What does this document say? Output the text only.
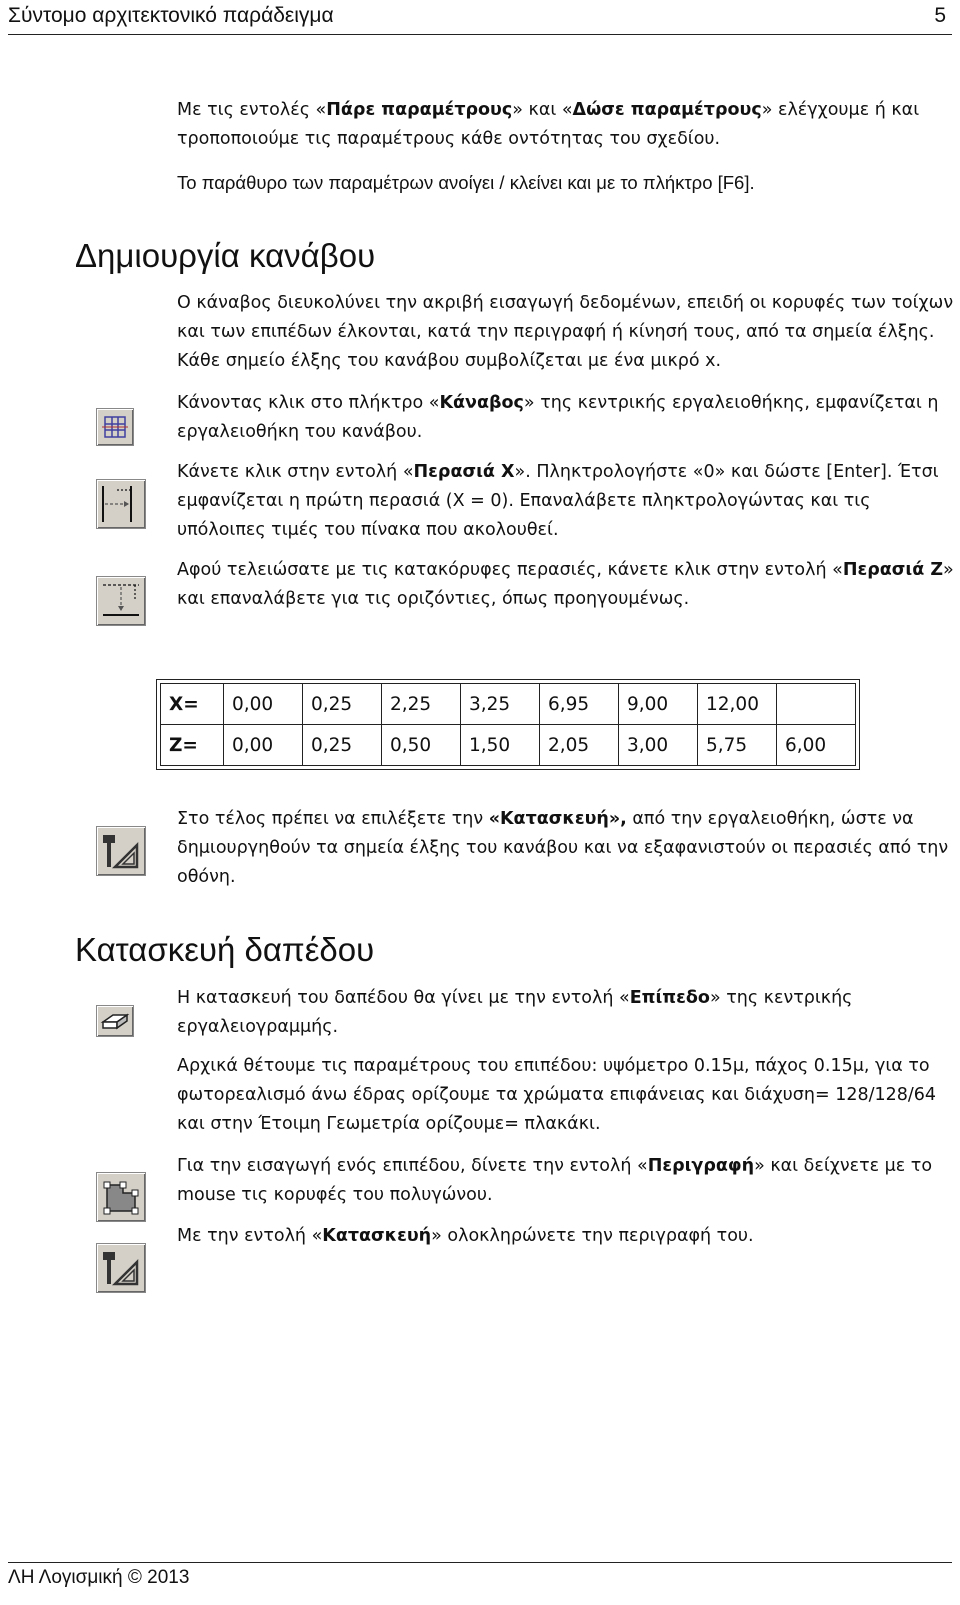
Σύντομο αρχιτεκτονικό παράδειγμα	5

Με τις εντολές «Πάρε παραμέτρους» και «Δώσε παραμέτρους» ελέγχουμε ή και τροποποιούμε τις παραμέτρους κάθε οντότητας του σχεδίου.

Το παράθυρο των παραμέτρων ανοίγει / κλείνει και με το πλήκτρο [F6].

Δημιουργία κανάβου

Ο κάναβος διευκολύνει την ακριβή εισαγωγή δεδομένων, επειδή οι κορυφές των τοίχων και των επιπέδων έλκονται, κατά την περιγραφή ή κίνησή τους, από τα σημεία έλξης. Κάθε σημείο έλξης του κανάβου συμβολίζεται με ένα μικρό x.

Κάνοντας κλικ στο πλήκτρο «Κάναβος» της κεντρικής εργαλειοθήκης, εμφανίζεται η εργαλειοθήκη του κανάβου.

Κάνετε κλικ στην εντολή «Περασιά Χ». Πληκτρολογήστε «0» και δώστε [Enter]. Έτσι εμφανίζεται η πρώτη περασιά (Χ = 0). Επαναλάβετε πληκτρολογώντας και τις υπόλοιπες τιμές του πίνακα που ακολουθεί.

Αφού τελειώσατε με τις κατακόρυφες περασιές, κάνετε κλικ στην εντολή «Περασιά Ζ» και επαναλάβετε για τις οριζόντιες, όπως προηγουμένως.

Χ=	0,00	0,25	2,25	3,25	6,95	9,00	12,00	
Ζ=	0,00	0,25	0,50	1,50	2,05	3,00	5,75	6,00

Στο τέλος πρέπει να επιλέξετε την «Κατασκευή», από την εργαλειοθήκη, ώστε να δημιουργηθούν τα σημεία έλξης του κανάβου και να εξαφανιστούν οι περασιές από την οθόνη.

Κατασκευή δαπέδου

Η κατασκευή του δαπέδου θα γίνει με την εντολή «Επίπεδο» της κεντρικής εργαλειογραμμής.

Αρχικά θέτουμε τις παραμέτρους του επιπέδου: υψόμετρο 0.15μ, πάχος 0.15μ, για το φωτορεαλισμό άνω έδρας ορίζουμε τα χρώματα επιφάνειας και διάχυση= 128/128/64 και στην Έτοιμη Γεωμετρία ορίζουμε= πλακάκι.

Για την εισαγωγή ενός επιπέδου, δίνετε την εντολή «Περιγραφή» και δείχνετε με το mouse τις κορυφές του πολυγώνου.

Με την εντολή «Κατασκευή» ολοκληρώνετε την περιγραφή του.

ΛΗ Λογισμική © 2013
